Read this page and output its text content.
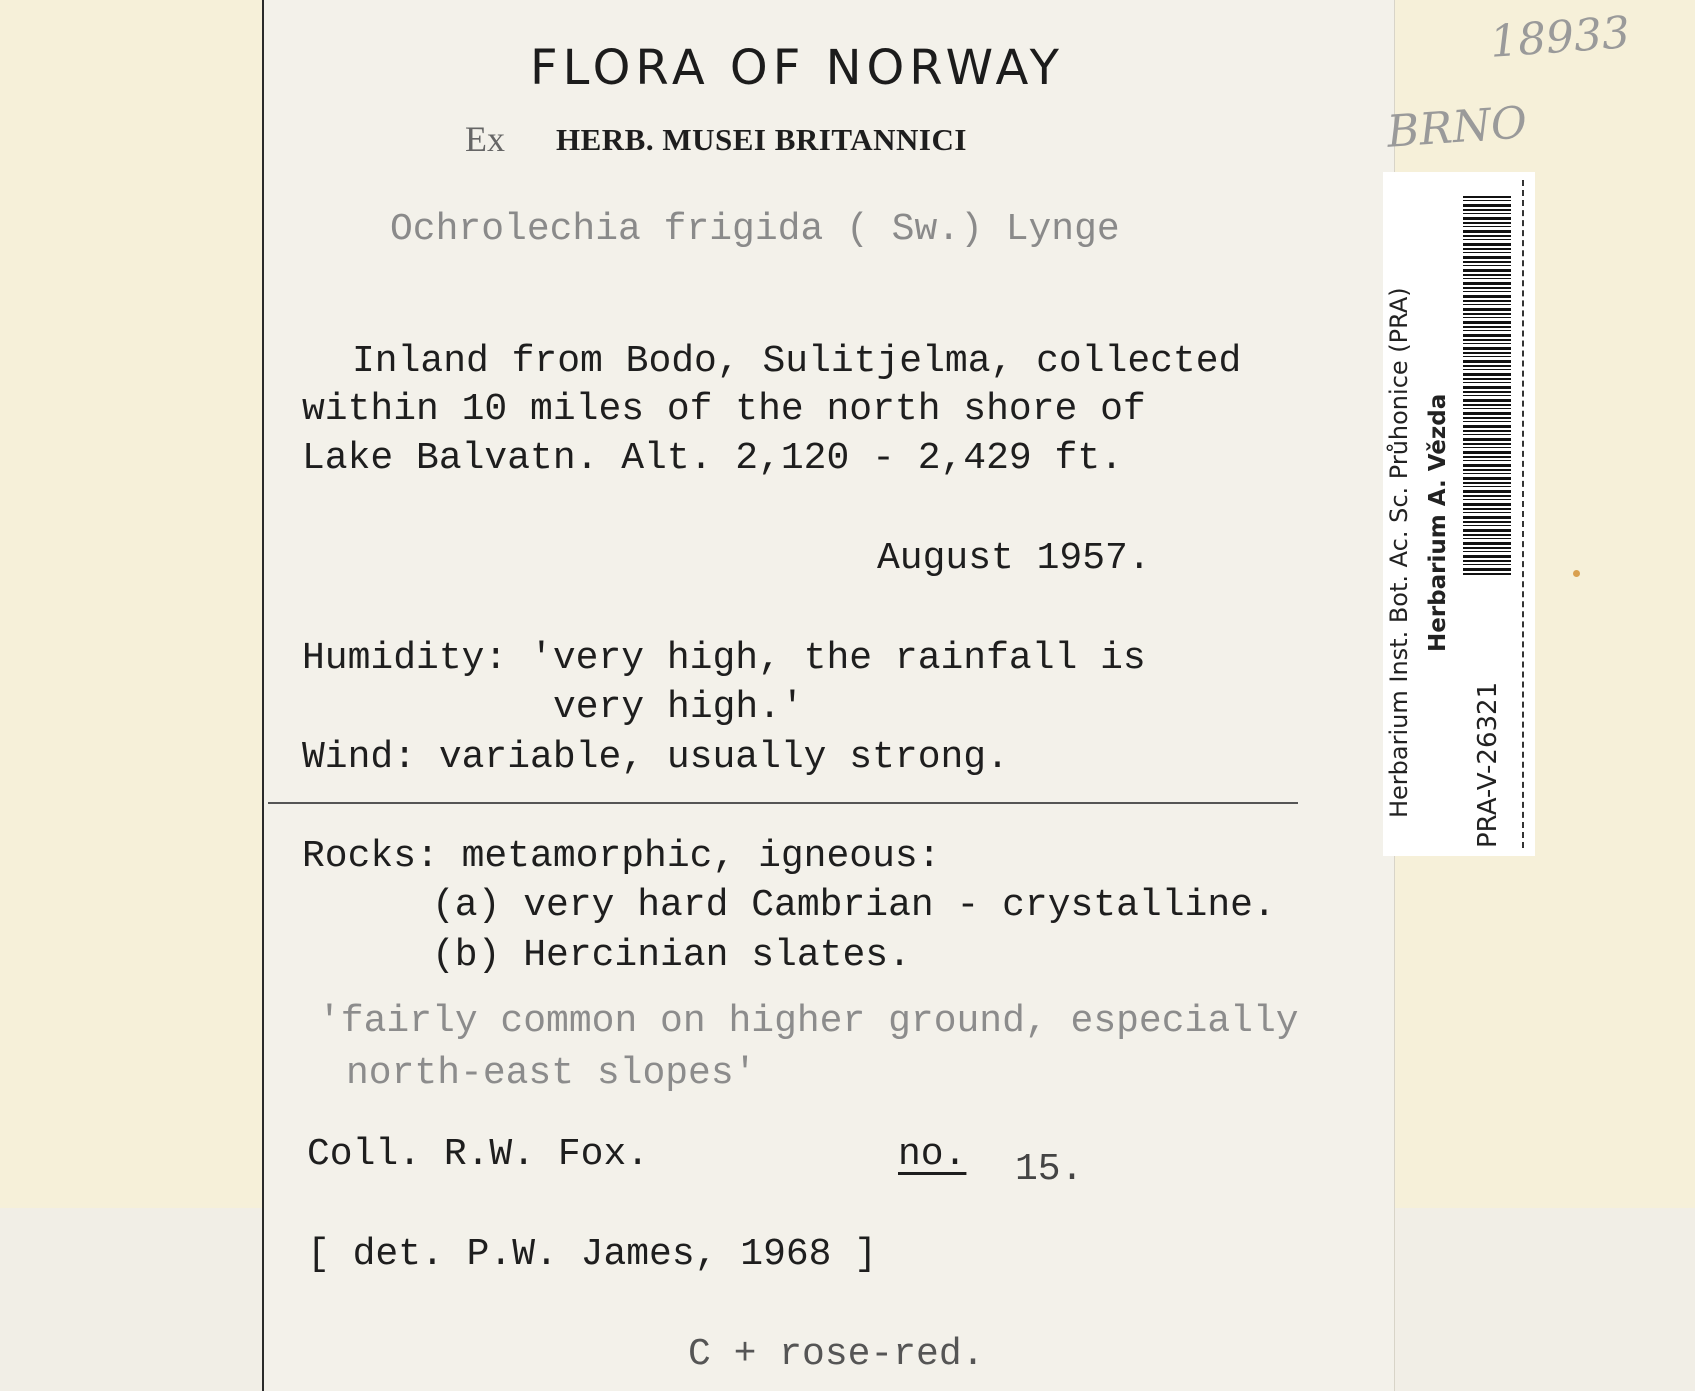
FLORA OF NORWAY
Ex HERB. MUSEI BRITANNICI
Ochrolechia frigida ( Sw.) Lynge
Inland from Bodo, Sulitjelma, collected
within 10 miles of the north shore of
Lake Balvatn. Alt. 2,120 - 2,429 ft.
August 1957.
Humidity: 'very high, the rainfall is
very high.'
Wind: variable, usually strong.
Rocks: metamorphic, igneous:
(a) very hard Cambrian - crystalline.
(b) Hercinian slates.
'fairly common on higher ground, especially
north-east slopes'
Coll. R.W. Fox.	no. 15.
[ det. P.W. James, 1968 ]
C + rose-red.
18933
BRNO
Herbarium Inst. Bot. Ac. Sc. Průhonice (PRA) Herbarium A. Vězda
PRA-V-26321
